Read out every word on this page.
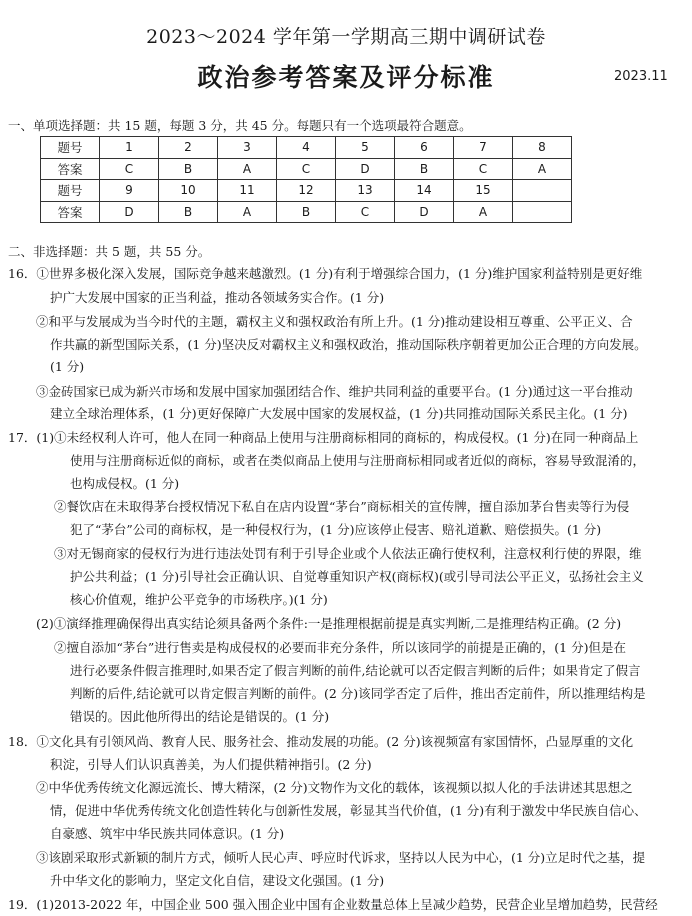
2023～2024 学年第一学期高三期中调研试卷
政治参考答案及评分标准	2023.11
一、单项选择题：共 15 题，每题 3 分，共 45 分。每题只有一个选项最符合题意。
题号	1	2	3	4	5	6	7	8
答案	C	B	A	C	D	B	C	A
题号	9	10	11	12	13	14	15	
答案	D	B	A	B	C	D	A	
二、非选择题：共 5 题，共 55 分。
16．①世界多极化深入发展，国际竞争越来越激烈。(1 分)有利于增强综合国力，(1 分)维护国家利益特别是更好维
护广大发展中国家的正当利益，推动各领域务实合作。(1 分)
②和平与发展成为当今时代的主题，霸权主义和强权政治有所上升。(1 分)推动建设相互尊重、公平正义、合
作共赢的新型国际关系，(1 分)坚决反对霸权主义和强权政治，推动国际秩序朝着更加公正合理的方向发展。
(1 分)
③金砖国家已成为新兴市场和发展中国家加强团结合作、维护共同利益的重要平台。(1 分)通过这一平台推动
建立全球治理体系，(1 分)更好保障广大发展中国家的发展权益，(1 分)共同推动国际关系民主化。(1 分)
17．(1)①未经权利人许可，他人在同一种商品上使用与注册商标相同的商标的，构成侵权。(1 分)在同一种商品上
使用与注册商标近似的商标，或者在类似商品上使用与注册商标相同或者近似的商标，容易导致混淆的，
也构成侵权。(1 分)
②餐饮店在未取得茅台授权情况下私自在店内设置“茅台”商标相关的宣传牌，擅自添加茅台售卖等行为侵
犯了“茅台”公司的商标权，是一种侵权行为，(1 分)应该停止侵害、赔礼道歉、赔偿损失。(1 分)
③对无锡商家的侵权行为进行违法处罚有利于引导企业或个人依法正确行使权利，注意权利行使的界限，维
护公共利益；(1 分)引导社会正确认识、自觉尊重知识产权(商标权)(或引导司法公平正义，弘扬社会主义
核心价值观，维护公平竞争的市场秩序。)(1 分)
(2)①演绎推理确保得出真实结论须具备两个条件:一是推理根据前提是真实判断,二是推理结构正确。(2 分)
②擅自添加“茅台”进行售卖是构成侵权的必要而非充分条件，所以该同学的前提是正确的，(1 分)但是在
进行必要条件假言推理时,如果否定了假言判断的前件,结论就可以否定假言判断的后件；如果肯定了假言
判断的后件,结论就可以肯定假言判断的前件。(2 分)该同学否定了后件，推出否定前件，所以推理结构是
错误的。因此他所得出的结论是错误的。(1 分)
18．①文化具有引领风尚、教育人民、服务社会、推动发展的功能。(2 分)该视频富有家国情怀，凸显厚重的文化
积淀，引导人们认识真善美，为人们提供精神指引。(2 分)
②中华优秀传统文化源远流长、博大精深，(2 分)文物作为文化的载体，该视频以拟人化的手法讲述其思想之
情，促进中华优秀传统文化创造性转化与创新性发展，彰显其当代价值，(1 分)有利于激发中华民族自信心、
自豪感、筑牢中华民族共同体意识。(1 分)
③该剧采取形式新颖的制片方式，倾听人民心声、呼应时代诉求，坚持以人民为中心，(1 分)立足时代之基，提
升中华文化的影响力，坚定文化自信，建设文化强国。(1 分)
19．(1)2013-2022 年，中国企业 500 强入围企业中国有企业数量总体上呈减少趋势，民营企业呈增加趋势，民营经
